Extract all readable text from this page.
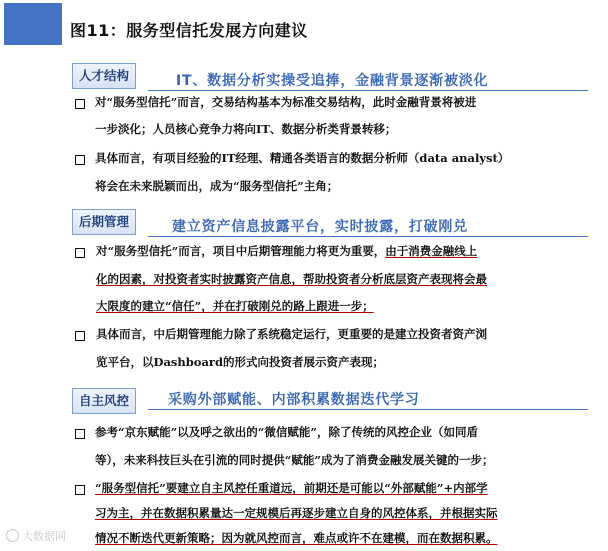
图11：服务型信托发展方向建议
人才结构	IT、数据分析实操受追捧，金融背景逐渐被淡化
对“服务型信托”而言，交易结构基本为标准交易结构，此时金融背景将被进
一步淡化；人员核心竞争力将向IT、数据分析类背景转移；
具体而言，有项目经验的IT经理、精通各类语言的数据分析师（data analyst）
将会在未来脱颖而出，成为“服务型信托”主角；
后期管理	建立资产信息披露平台，实时披露，打破刚兑
对“服务型信托”而言，项目中后期管理能力将更为重要，由于消费金融线上
化的因素，对投资者实时披露资产信息，帮助投资者分析底层资产表现将会最
大限度的建立“信任”，并在打破刚兑的路上跟进一步；
具体而言，中后期管理能力除了系统稳定运行，更重要的是建立投资者资产浏
览平台，以Dashboard的形式向投资者展示资产表现；
自主风控	采购外部赋能、内部积累数据迭代学习
参考“京东赋能”以及呼之欲出的“微信赋能”，除了传统的风控企业（如同盾
等），未来科技巨头在引流的同时提供“赋能”成为了消费金融发展关键的一步；
“服务型信托”要建立自主风控任重道远，前期还是可能以“外部赋能”+内部学
习为主，并在数据积累量达一定规模后再逐步建立自身的风控体系，并根据实际
情况不断迭代更新策略；因为就风控而言，难点或许不在建模，而在数据积累。
大数据网
